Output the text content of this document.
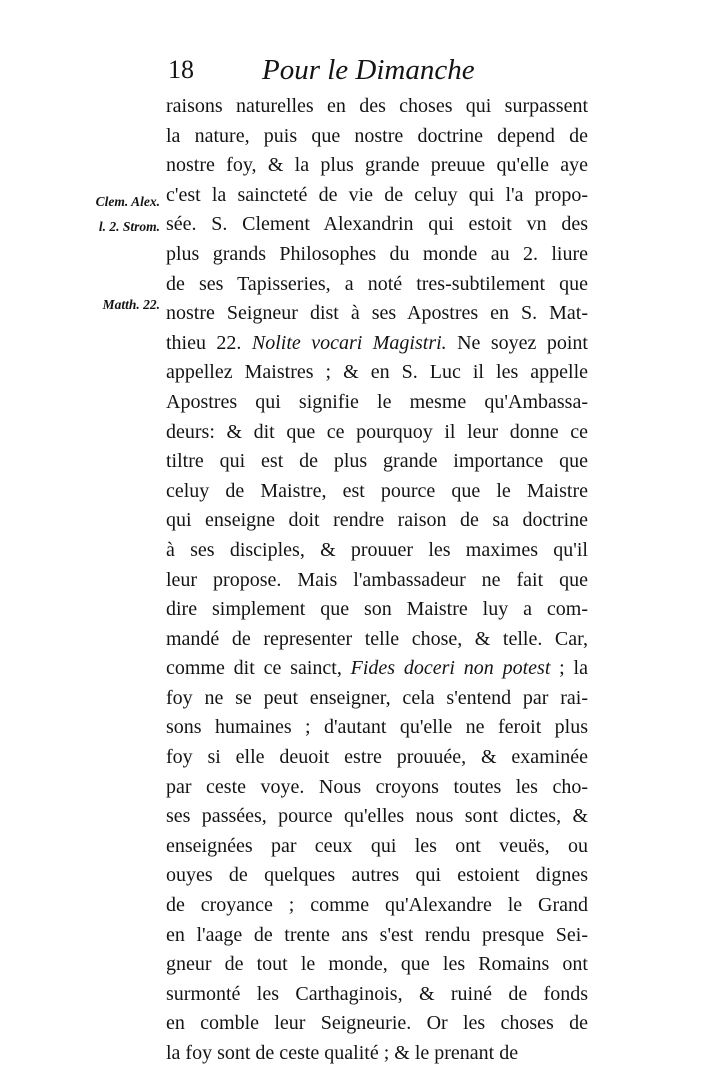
18 Pour le Dimanche
Clem. Alex.
l. 2. Strom.
Matth. 22.
raisons naturelles en des choses qui surpassent
la nature, puis que nostre doctrine depend de
nostre foy, & la plus grande preuue qu'elle aye
c'est la saincteté de vie de celuy qui l'a propo-
sée. S. Clement Alexandrin qui estoit vn des
plus grands Philosophes du monde au 2. liure
de ses Tapisseries, a noté tres-subtilement que
nostre Seigneur dist à ses Apostres en S. Mat-
thieu 22. Nolite vocari Magistri. Ne soyez point
appellez Maistres ; & en S. Luc il les appelle
Apostres qui signifie le mesme qu'Ambassa-
deurs: & dit que ce pourquoy il leur donne ce
tiltre qui est de plus grande importance que
celuy de Maistre, est pource que le Maistre
qui enseigne doit rendre raison de sa doctrine
à ses disciples, & prouuer les maximes qu'il
leur propose. Mais l'ambassadeur ne fait que
dire simplement que son Maistre luy a com-
mandé de representer telle chose, & telle. Car,
comme dit ce sainct, Fides doceri non potest ; la
foy ne se peut enseigner, cela s'entend par rai-
sons humaines ; d'autant qu'elle ne feroit plus
foy si elle deuoit estre prouuée, & examinée
par ceste voye. Nous croyons toutes les cho-
ses passées, pource qu'elles nous sont dictes, &
enseignées par ceux qui les ont veuës, ou
ouyes de quelques autres qui estoient dignes
de croyance ; comme qu'Alexandre le Grand
en l'aage de trente ans s'est rendu presque Sei-
gneur de tout le monde, que les Romains ont
surmonté les Carthaginois, & ruiné de fonds
en comble leur Seigneurie. Or les choses de
la foy sont de ceste qualité ; & le prenant de
